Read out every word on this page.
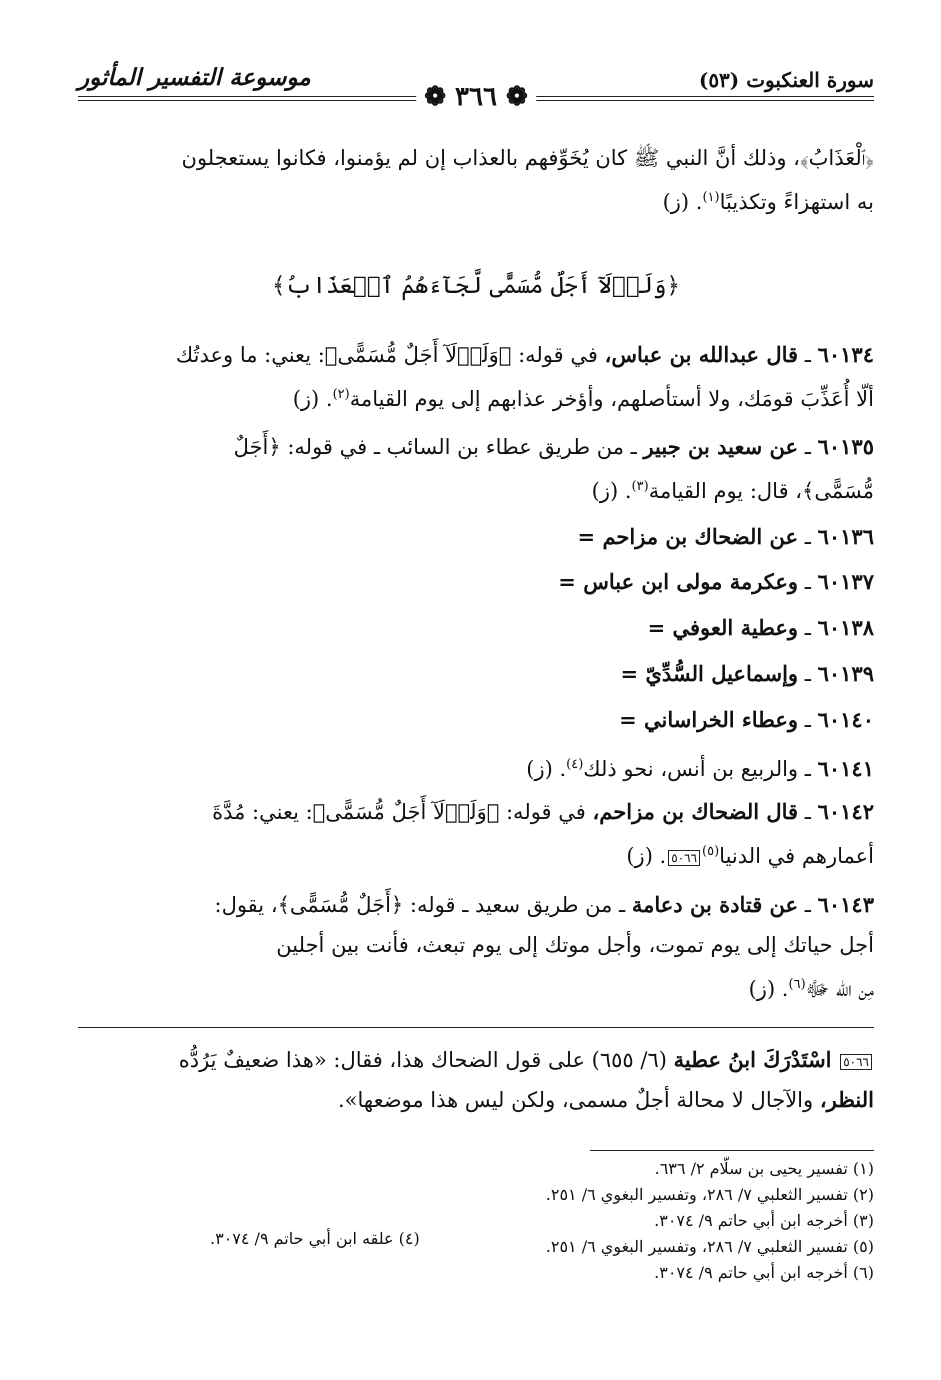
سورة العنكبوت (٥٣)
موسوعة التفسير المأثور
❁ ٣٦٦ ❁
﴿ٱلْعَذَابُ﴾، وذلك أنَّ النبي ﷺ كان يُخَوِّفهم بالعذاب إن لم يؤمنوا، فكانوا يستعجلون
به استهزاءً وتكذيبًا$^{(١)}$. (ز)
﴿وَلَوۡلَآ أَجَلٌ مُّسَمًّى لَّجَآءَهُمُ ٱلۡعَذَابُ﴾
٦٠١٣٤ ـ قال عبدالله بن عباس، في قوله: ﴿وَلَوۡلَآ أَجَلٌ مُّسَمًّى﴾: يعني: ما وعدتُك
ألّا أُعَذِّبَ قومَك، ولا أستأصلهم، وأؤخر عذابهم إلى يوم القيامة$^{(٢)}$. (ز)
٦٠١٣٥ ـ عن سعيد بن جبير ـ من طريق عطاء بن السائب ـ في قوله: ﴿أَجَلٌ
مُّسَمًّى﴾، قال: يوم القيامة$^{(٣)}$. (ز)
٦٠١٣٦ ـ عن الضحاك بن مزاحم =
٦٠١٣٧ ـ وعكرمة مولى ابن عباس =
٦٠١٣٨ ـ وعطية العوفي =
٦٠١٣٩ ـ وإسماعيل السُّدِّيّ =
٦٠١٤٠ ـ وعطاء الخراساني =
٦٠١٤١ ـ والربيع بن أنس، نحو ذلك$^{(٤)}$. (ز)
٦٠١٤٢ ـ قال الضحاك بن مزاحم، في قوله: ﴿وَلَوۡلَآ أَجَلٌ مُّسَمًّى﴾: يعني: مُدَّةَ
أعمارهم في الدنيا$^{(٥)}$٥٠٦٦. (ز)
٦٠١٤٣ ـ عن قتادة بن دعامة ـ من طريق سعيد ـ قوله: ﴿أَجَلٌ مُّسَمًّى﴾، يقول:
أجل حياتك إلى يوم تموت، وأجل موتك إلى يوم تبعث، فأنت بين أجلين
مِن الله ﷻ$^{(٦)}$. (ز)
٥٠٦٦ اسْتَدْرَكَ ابنُ عطية (٦/ ٦٥٥) على قول الضحاك هذا، فقال: «هذا ضعيفٌ يَرُدُّه
النظر، والآجال لا محالة أجلٌ مسمى، ولكن ليس هذا موضعها».
(١) تفسير يحيى بن سلّام ٢/ ٦٣٦.
(٢) تفسير الثعلبي ٧/ ٢٨٦، وتفسير البغوي ٦/ ٢٥١.
(٣) أخرجه ابن أبي حاتم ٩/ ٣٠٧٤.
(٥) تفسير الثعلبي ٧/ ٢٨٦، وتفسير البغوي ٦/ ٢٥١.
(٦) أخرجه ابن أبي حاتم ٩/ ٣٠٧٤.
(٤) علقه ابن أبي حاتم ٩/ ٣٠٧٤.
